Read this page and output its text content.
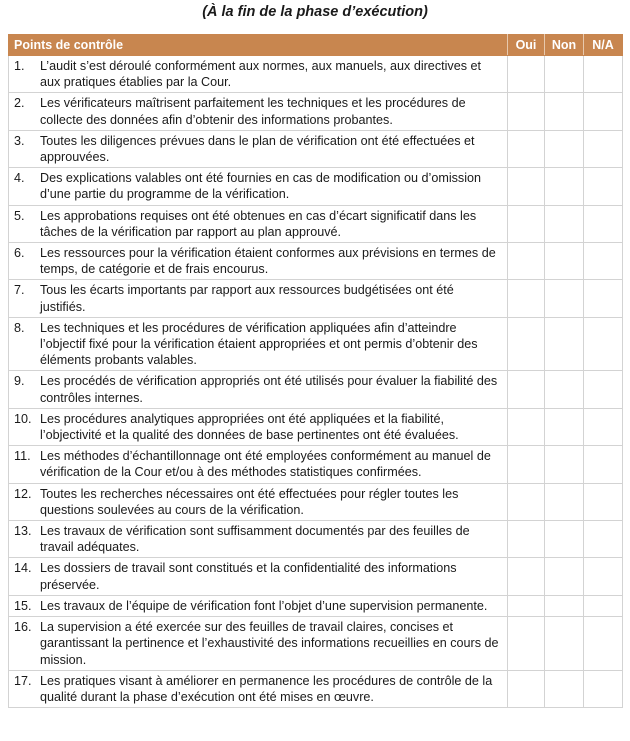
(À la fin de la phase d’exécution)
Points de contrôle	Oui	Non	N/A
1. L’audit s’est déroulé conformément aux normes, aux manuels, aux directives et aux pratiques établies par la Cour.			
2. Les vérificateurs maîtrisent parfaitement les techniques et les procédures de collecte des données afin d’obtenir des informations probantes.			
3. Toutes les diligences prévues dans le plan de vérification ont été effectuées et approuvées.			
4. Des explications valables ont été fournies en cas de modification ou d’omission d’une partie du programme de la vérification.			
5. Les approbations requises ont été obtenues en cas d’écart significatif dans les tâches de la vérification par rapport au plan approuvé.			
6. Les ressources pour la vérification étaient conformes aux prévisions en termes de temps, de catégorie et de frais encourus.			
7. Tous les écarts importants par rapport aux ressources budgétisées ont été justifiés.			
8. Les techniques et les procédures de vérification appliquées afin d’atteindre l’objectif fixé pour la vérification étaient appropriées et ont permis d’obtenir des éléments probants valables.			
9. Les procédés de vérification appropriés ont été utilisés pour évaluer la fiabilité des contrôles internes.			
10. Les procédures analytiques appropriées ont été appliquées et la fiabilité, l’objectivité et la qualité des données de base pertinentes ont été évaluées.			
11. Les méthodes d’échantillonnage ont été employées conformément au manuel de vérification de la Cour et/ou à des méthodes statistiques confirmées.			
12. Toutes les recherches nécessaires ont été effectuées pour régler toutes les questions soulevées au cours de la vérification.			
13. Les travaux de vérification sont suffisamment documentés par des feuilles de travail adéquates.			
14. Les dossiers de travail sont constitués et la confidentialité des informations préservée.			
15. Les travaux de l’équipe de vérification font l’objet d’une supervision permanente.			
16. La supervision a été exercée sur des feuilles de travail claires, concises et garantissant la pertinence et l’exhaustivité des informations recueillies en cours de mission.			
17. Les pratiques visant à améliorer en permanence les procédures de contrôle de la qualité durant la phase d’exécution ont été mises en œuvre.			
